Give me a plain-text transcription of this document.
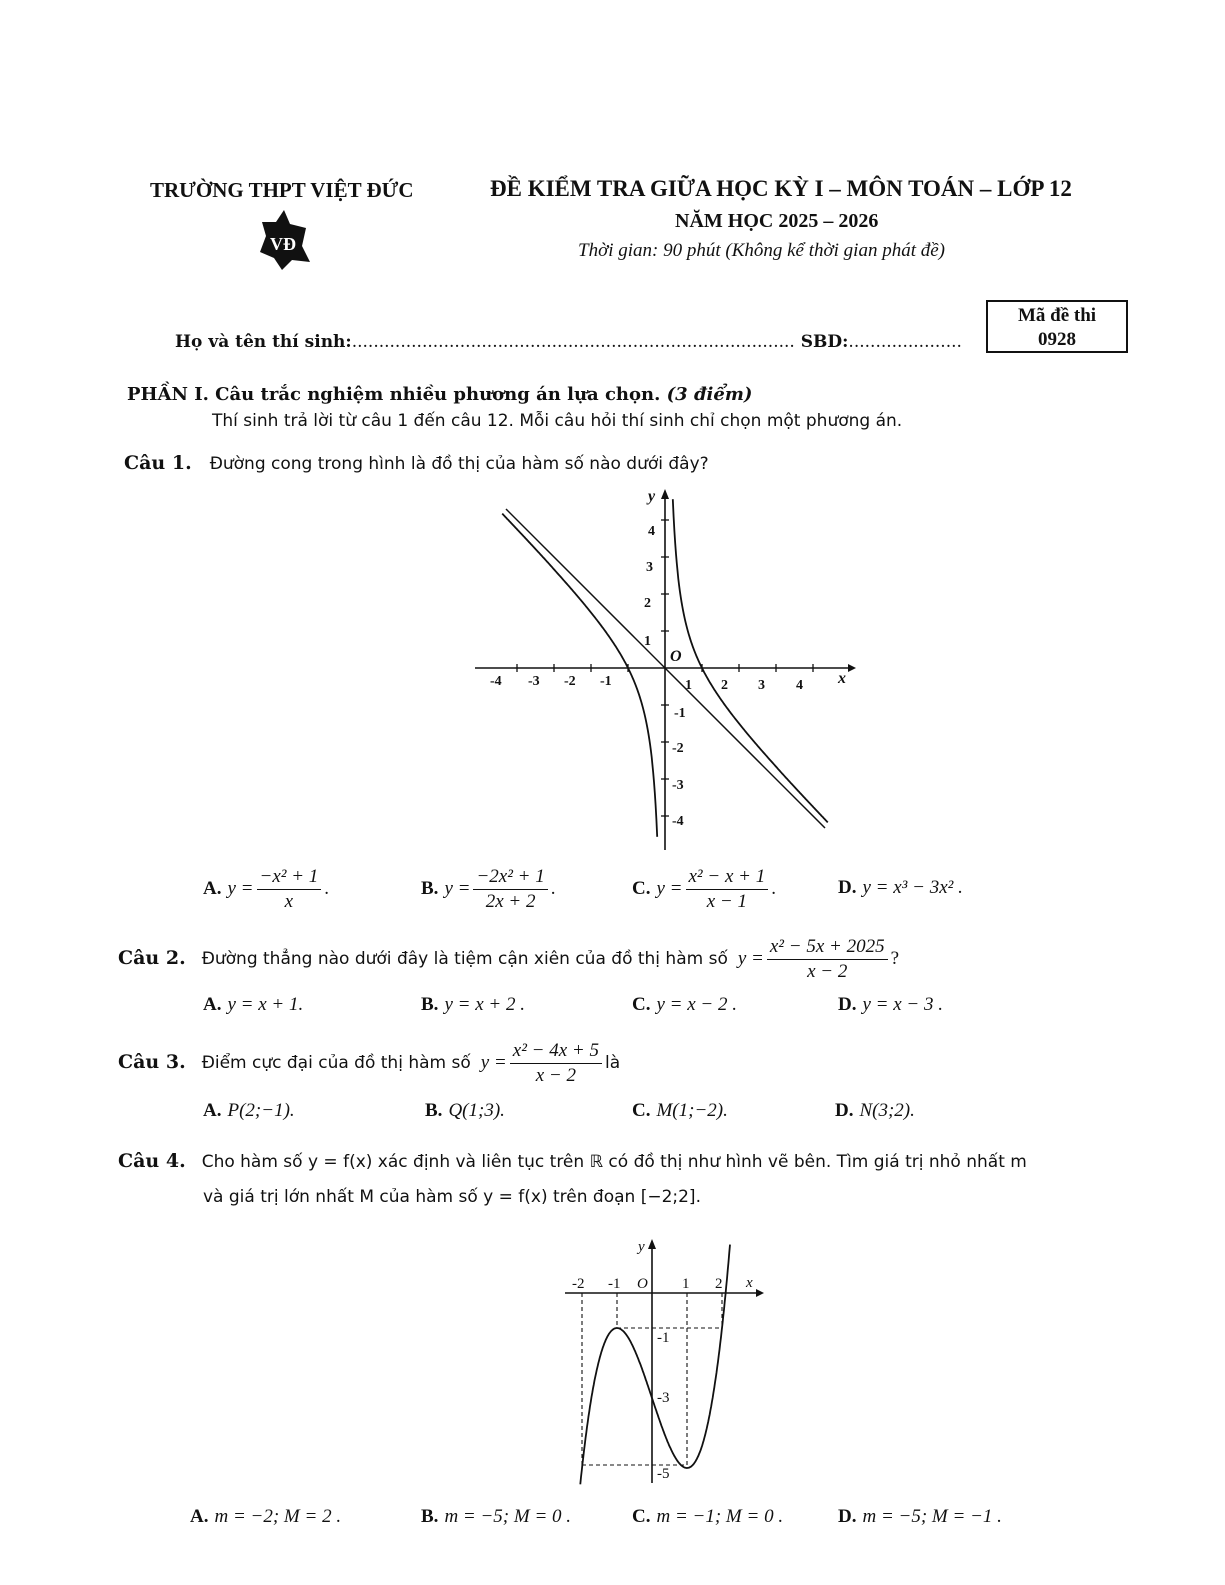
TRƯỜNG THPT VIỆT ĐỨC
VĐ
ĐỀ KIỂM TRA GIỮA HỌC KỲ I – MÔN TOÁN – LỚP 12
NĂM HỌC 2025 – 2026
Thời gian: 90 phút (Không kể thời gian phát đề)
Mã đề thi
0928
Họ và tên thí sinh:.................................................................................. SBD:.....................
PHẦN I. Câu trắc nghiệm nhiều phương án lựa chọn. (3 điểm)
Thí sinh trả lời từ câu 1 đến câu 12. Mỗi câu hỏi thí sinh chỉ chọn một phương án.
Câu 1. Đường cong trong hình là đồ thị của hàm số nào dưới đây?
-4 -3 -2 -1	1 2 3 4
1
2
3
4
-1
-2
-3
-4
O
x
y
A. $y = \frac{\text{−x² + 1}}{x}$ .	B. $y = \frac{\text{−2x² + 1}}{2x + 2}$ .	C. $y = \frac{\text{x² − x + 1}}{x - 1}$ .	D. y = x³ − 3x² .
Câu 2. Đường thẳng nào dưới đây là tiệm cận xiên của đồ thị hàm số $y = \frac{\text{x² − 5x + 2025}}{x - 2}$ ?
A. y = x + 1.	B. y = x + 2 .	C. y = x − 2 .	D. y = x − 3 .
Câu 3. Điểm cực đại của đồ thị hàm số $y = \frac{\text{x² − 4x + 5}}{x - 2}$ là
A. P(2;−1).	B. Q(1;3).	C. M(1;−2).	D. N(3;2).
Câu 4. Cho hàm số y = f(x) xác định và liên tục trên ℝ có đồ thị như hình vẽ bên. Tìm giá trị nhỏ nhất m
và giá trị lớn nhất M của hàm số y = f(x) trên đoạn [−2;2].
-2 -1	1 2
-1
-3
-5
O	x
y
A. m = −2; M = 2 .	B. m = −5; M = 0 .	C. m = −1; M = 0 .	D. m = −5; M = −1 .
